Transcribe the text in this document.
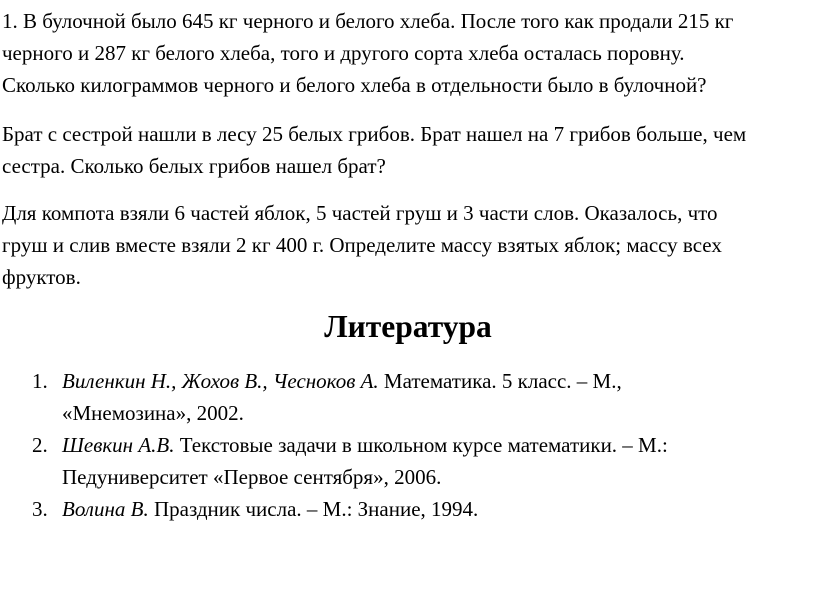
1. В булочной было 645 кг черного и белого хлеба. После того как продали 215 кг
черного и 287 кг белого хлеба, того и другого сорта хлеба осталась поровну.
Сколько килограммов черного и белого хлеба в отдельности было в булочной?

Брат с сестрой нашли в лесу 25 белых грибов. Брат нашел на 7 грибов больше, чем
сестра. Сколько белых грибов нашел брат?

Для компота взяли 6 частей яблок, 5 частей груш и 3 части слов. Оказалось, что
груш и слив вместе взяли 2 кг 400 г. Определите массу взятых яблок; массу всех
фруктов.

Литература
1. Виленкин Н., Жохов В., Чесноков А. Математика. 5 класс. – М.,
«Мнемозина», 2002.
2. Шевкин А.В. Текстовые задачи в школьном курсе математики. – М.:
Педуниверситет «Первое сентября», 2006.
3. Волина В. Праздник числа. – М.: Знание, 1994.
